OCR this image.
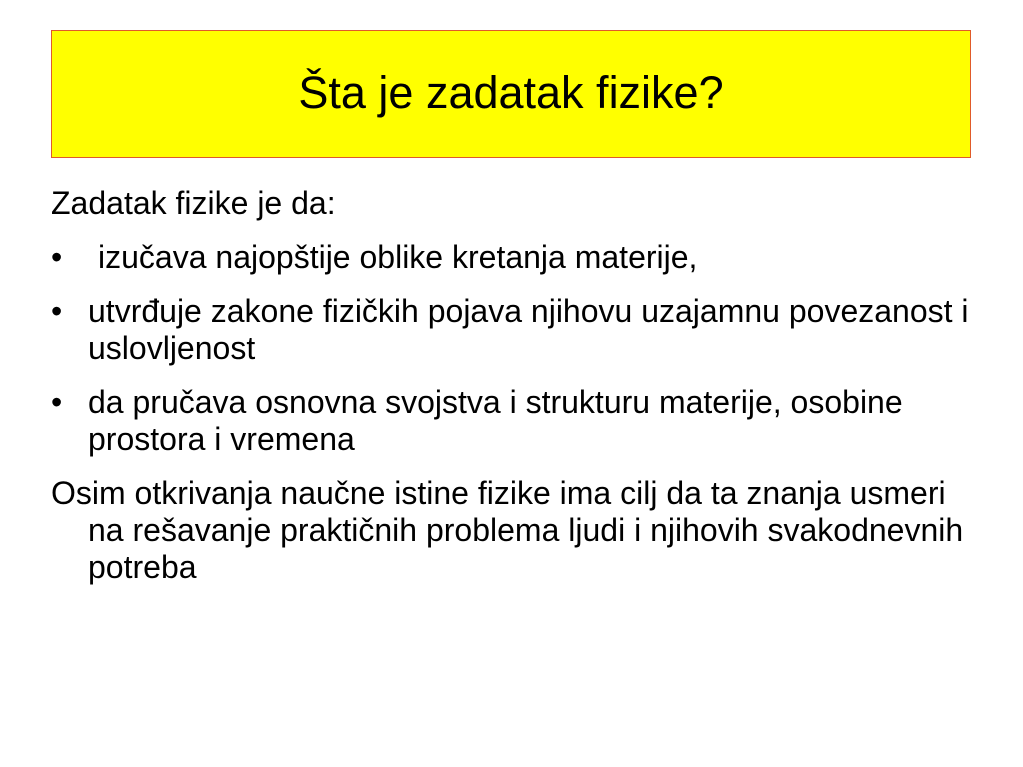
Šta je zadatak fizike?
Zadatak fizike je da:
•	izučava najopštije oblike kretanja materije,
• utvrđuje zakone fizičkih pojava njihovu uzajamnu povezanost i uslovljenost
• da pručava osnovna svojstva i strukturu materije, osobine prostora i vremena
Osim otkrivanja naučne istine fizike ima cilj da ta znanja usmeri na rešavanje praktičnih problema ljudi i njihovih svakodnevnih potreba
